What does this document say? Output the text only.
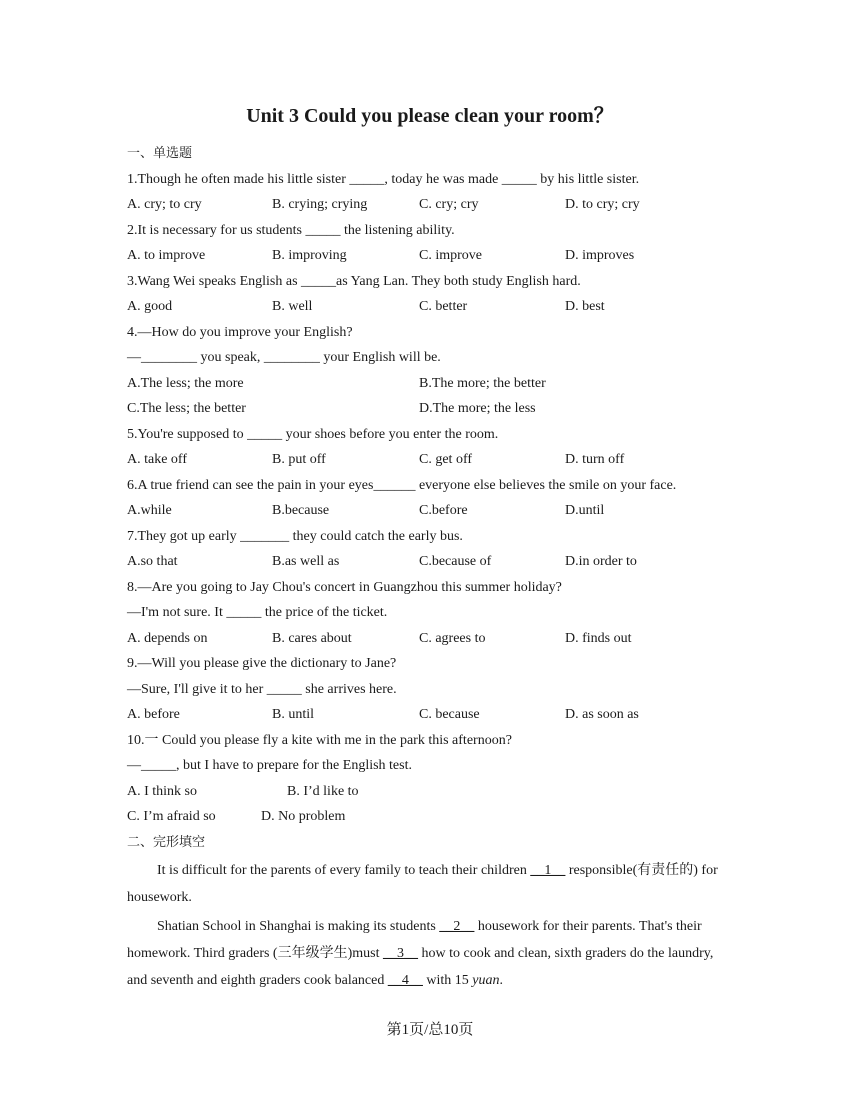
Unit 3 Could you please clean your room？
一、单选题
1.Though he often made his little sister _____, today he was made _____ by his little sister.
A. cry; to cry	B. crying; crying	C. cry; cry	D. to cry; cry
2.It is necessary for us students _____ the listening ability.
A. to improve	B. improving	C. improve	D. improves
3.Wang Wei speaks English as _____as Yang Lan. They both study English hard.
A. good	B. well	C. better	D. best
4.—How do you improve your English?
—________ you speak, ________ your English will be.
A.The less; the more	B.The more; the better
C.The less; the better	D.The more; the less
5.You're supposed to _____ your shoes before you enter the room.
A. take off	B. put off	C. get off	D. turn off
6.A true friend can see the pain in your eyes______ everyone else believes the smile on your face.
A.while	B.because	C.before	D.until
7.They got up early _______ they could catch the early bus.
A.so that	B.as well as	C.because of	D.in order to
8.—Are you going to Jay Chou's concert in Guangzhou this summer holiday?
—I'm not sure. It _____ the price of the ticket.
A. depends on	B. cares about	C. agrees to	D. finds out
9.—Will you please give the dictionary to Jane?
—Sure, I'll give it to her _____ she arrives here.
A. before	B. until	C. because	D. as soon as
10.一 Could you please fly a kite with me in the park this afternoon?
—_____, but I have to prepare for the English test.
A. I think so	B. I’d like to
C. I’m afraid so	D. No problem
二、完形填空
It is difficult for the parents of every family to teach their children __1__ responsible(有责任的) for housework.
Shatian School in Shanghai is making its students __2__ housework for their parents. That's their homework. Third graders (三年级学生)must __3__ how to cook and clean, sixth graders do the laundry, and seventh and eighth graders cook balanced __4__ with 15 yuan.
第1页/总10页
